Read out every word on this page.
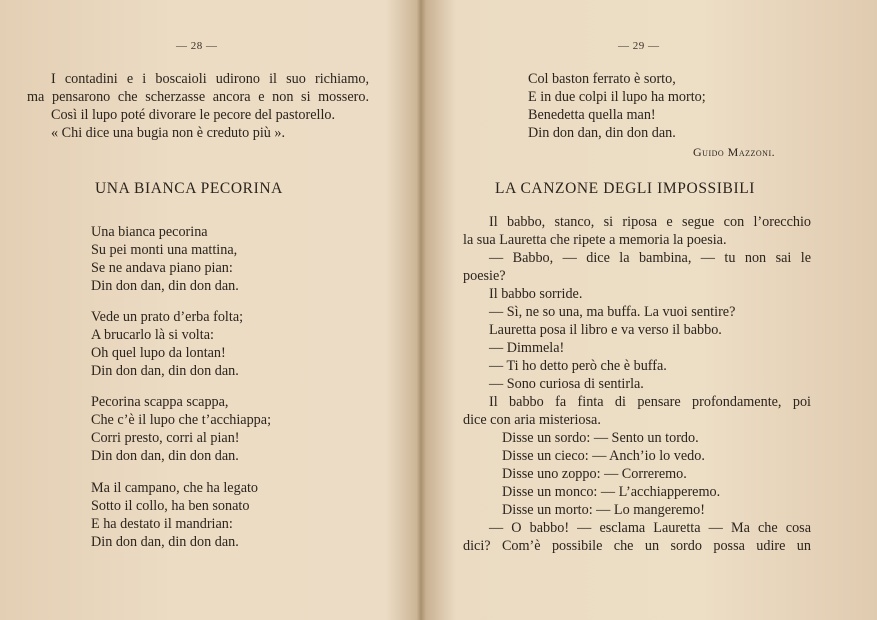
— 28 —
I contadini e i boscaioli udirono il suo richiamo,
ma pensarono che scherzasse ancora e non si mossero.
Così il lupo poté divorare le pecore del pastorello.
« Chi dice una bugia non è creduto più ».
UNA BIANCA PECORINA
Una bianca pecorina
Su pei monti una mattina,
Se ne andava piano pian:
Din don dan, din don dan.
Vede un prato d’erba folta;
A brucarlo là si volta:
Oh quel lupo da lontan!
Din don dan, din don dan.
Pecorina scappa scappa,
Che c’è il lupo che t’acchiappa;
Corri presto, corri al pian!
Din don dan, din don dan.
Ma il campano, che ha legato
Sotto il collo, ha ben sonato
E ha destato il mandrian:
Din don dan, din don dan.
— 29 —
Col baston ferrato è sorto,
E in due colpi il lupo ha morto;
Benedetta quella man!
Din don dan, din don dan.
Guido Mazzoni.
LA CANZONE DEGLI IMPOSSIBILI
Il babbo, stanco, si riposa e segue con l’orecchio
la sua Lauretta che ripete a memoria la poesia.
— Babbo, — dice la bambina, — tu non sai le
poesie?
Il babbo sorride.
— Sì, ne so una, ma buffa. La vuoi sentire?
Lauretta posa il libro e va verso il babbo.
— Dimmela!
— Ti ho detto però che è buffa.
— Sono curiosa di sentirla.
Il babbo fa finta di pensare profondamente, poi
dice con aria misteriosa.
Disse un sordo: — Sento un tordo.
Disse un cieco: — Anch’io lo vedo.
Disse uno zoppo: — Correremo.
Disse un monco: — L’acchiapperemo.
Disse un morto: — Lo mangeremo!
— O babbo! — esclama Lauretta — Ma che cosa
dici? Com’è possibile che un sordo possa udire un
